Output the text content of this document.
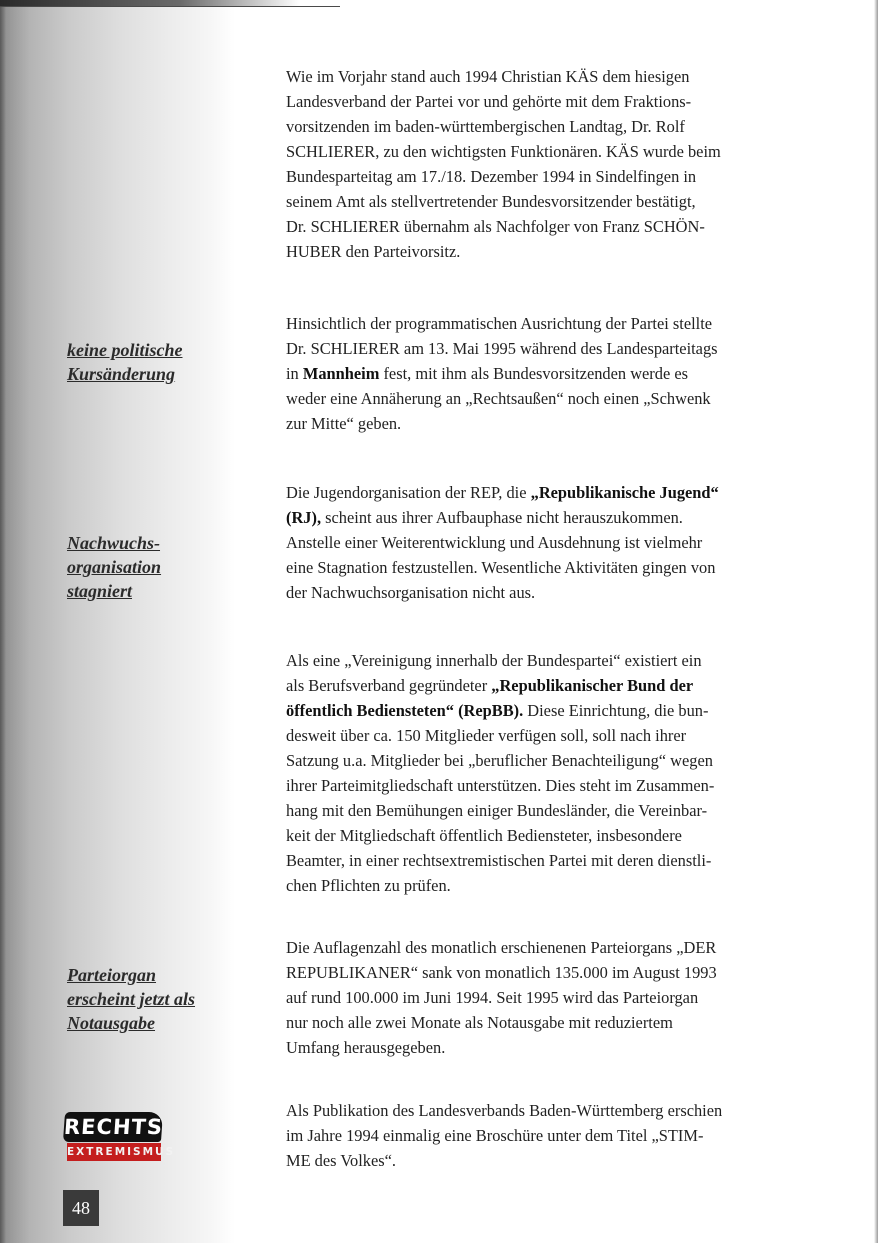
keine politische
Kursänderung

Nachwuchs-
organisation
stagniert

Parteiorgan
erscheint jetzt als
Notausgabe

Wie im Vorjahr stand auch 1994 Christian KÄS dem hiesigen
Landesverband der Partei vor und gehörte mit dem Fraktions-
vorsitzenden im baden-württembergischen Landtag, Dr. Rolf
SCHLIERER, zu den wichtigsten Funktionären. KÄS wurde beim
Bundesparteitag am 17./18. Dezember 1994 in Sindelfingen in
seinem Amt als stellvertretender Bundesvorsitzender bestätigt,
Dr. SCHLIERER übernahm als Nachfolger von Franz SCHÖN-
HUBER den Parteivorsitz.
Hinsichtlich der programmatischen Ausrichtung der Partei stellte
Dr. SCHLIERER am 13. Mai 1995 während des Landesparteitags
in Mannheim fest, mit ihm als Bundesvorsitzenden werde es
weder eine Annäherung an „Rechtsaußen“ noch einen „Schwenk
zur Mitte“ geben.
Die Jugendorganisation der REP, die „Republikanische Jugend“
(RJ), scheint aus ihrer Aufbauphase nicht herauszukommen.
Anstelle einer Weiterentwicklung und Ausdehnung ist vielmehr
eine Stagnation festzustellen. Wesentliche Aktivitäten gingen von
der Nachwuchsorganisation nicht aus.
Als eine „Vereinigung innerhalb der Bundespartei“ existiert ein
als Berufsverband gegründeter „Republikanischer Bund der
öffentlich Bediensteten“ (RepBB). Diese Einrichtung, die bun-
desweit über ca. 150 Mitglieder verfügen soll, soll nach ihrer
Satzung u.a. Mitglieder bei „beruflicher Benachteiligung“ wegen
ihrer Parteimitgliedschaft unterstützen. Dies steht im Zusammen-
hang mit den Bemühungen einiger Bundesländer, die Vereinbar-
keit der Mitgliedschaft öffentlich Bediensteter, insbesondere
Beamter, in einer rechtsextremistischen Partei mit deren dienstli-
chen Pflichten zu prüfen.
Die Auflagenzahl des monatlich erschienenen Parteiorgans „DER
REPUBLIKANER“ sank von monatlich 135.000 im August 1993
auf rund 100.000 im Juni 1994. Seit 1995 wird das Parteiorgan
nur noch alle zwei Monate als Notausgabe mit reduziertem
Umfang herausgegeben.
Als Publikation des Landesverbands Baden-Württemberg erschien
im Jahre 1994 einmalig eine Broschüre unter dem Titel „STIM-
ME des Volkes“.
RECHTS
EXTREMISMUS
48
